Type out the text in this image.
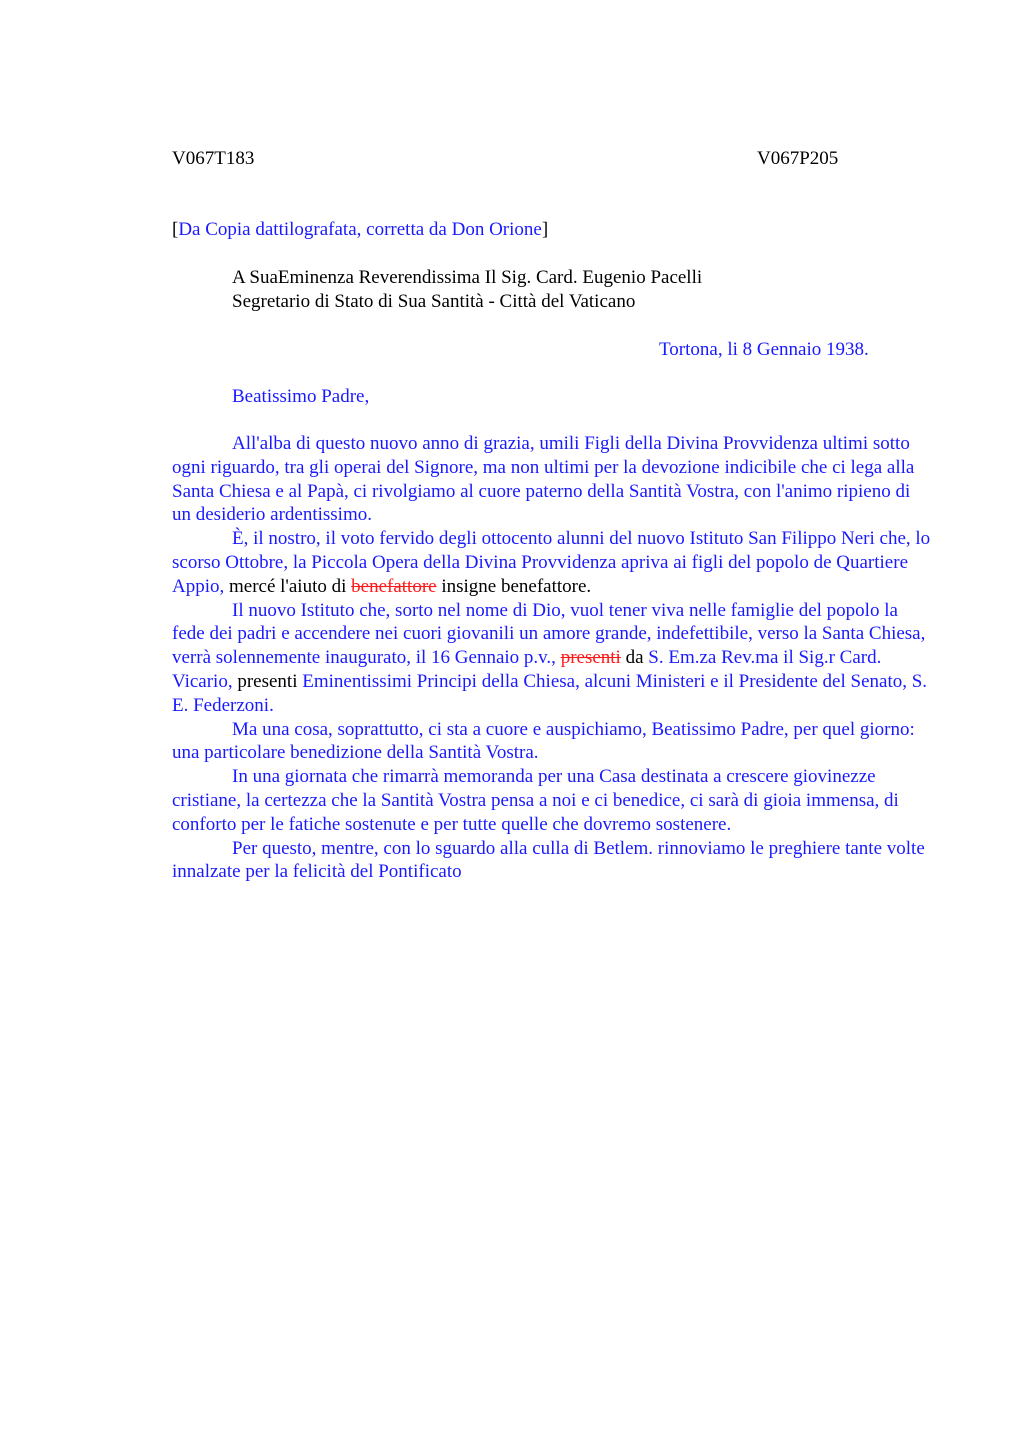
V067T183	V067P205
[Da Copia dattilografata, corretta da Don Orione]
A SuaEminenza Reverendissima Il Sig. Card. Eugenio Pacelli
Segretario di Stato di Sua Santità - Città del Vaticano
Tortona, li 8 Gennaio 1938.
Beatissimo Padre,

All'alba di questo nuovo anno di grazia, umili Figli della Divina Provvidenza ultimi sotto ogni riguardo, tra gli operai del Signore, ma non ultimi per la devozione indicibile che ci lega alla Santa Chiesa e al Papà, ci rivolgiamo al cuore paterno della Santità Vostra, con l'animo ripieno di un desiderio ardentissimo.

È, il nostro, il voto fervido degli ottocento alunni del nuovo Istituto San Filippo Neri che, lo scorso Ottobre, la Piccola Opera della Divina Provvidenza apriva ai figli del popolo de Quartiere Appio, mercé l'aiuto di benefattore insigne benefattore.

Il nuovo Istituto che, sorto nel nome di Dio, vuol tener viva nelle famiglie del popolo la fede dei padri e accendere nei cuori giovanili un amore grande, indefettibile, verso la Santa Chiesa, verrà solennemente inaugurato, il 16 Gennaio p.v., presenti da S. Em.za Rev.ma il Sig.r Card. Vicario, presenti Eminentissimi Principi della Chiesa, alcuni Ministeri e il Presidente del Senato, S. E. Federzoni.

Ma una cosa, soprattutto, ci sta a cuore e auspichiamo, Beatissimo Padre, per quel giorno: una particolare benedizione della Santità Vostra.

In una giornata che rimarrà memoranda per una Casa destinata a crescere giovinezze cristiane, la certezza che la Santità Vostra pensa a noi e ci benedice, ci sarà di gioia immensa, di conforto per le fatiche sostenute e per tutte quelle che dovremo sostenere.

Per questo, mentre, con lo sguardo alla culla di Betlem. rinnoviamo le preghiere tante volte innalzate per la felicità del Pontificato
